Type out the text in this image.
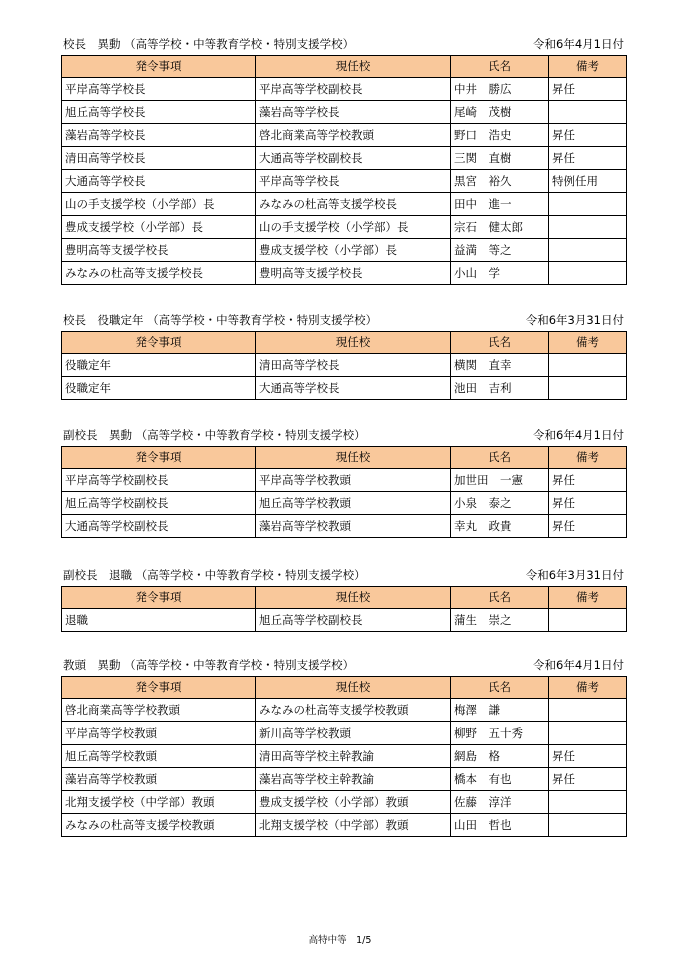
校長　異動 （高等学校・中等教育学校・特別支援学校）	令和6年4月1日付
発令事項	現任校	氏名	備考
平岸高等学校長	平岸高等学校副校長	中井　勝広	昇任
旭丘高等学校長	藻岩高等学校長	尾崎　茂樹	
藻岩高等学校長	啓北商業高等学校教頭	野口　浩史	昇任
清田高等学校長	大通高等学校副校長	三関　直樹	昇任
大通高等学校長	平岸高等学校長	黒宮　裕久	特例任用
山の手支援学校（小学部）長	みなみの杜高等支援学校長	田中　進一	
豊成支援学校（小学部）長	山の手支援学校（小学部）長	宗石　健太郎	
豊明高等支援学校長	豊成支援学校（小学部）長	益満　等之	
みなみの杜高等支援学校長	豊明高等支援学校長	小山　学	
校長　役職定年 （高等学校・中等教育学校・特別支援学校）	令和6年3月31日付
発令事項	現任校	氏名	備考
役職定年	清田高等学校長	横関　直幸	
役職定年	大通高等学校長	池田　吉利	
副校長　異動 （高等学校・中等教育学校・特別支援学校）	令和6年4月1日付
発令事項	現任校	氏名	備考
平岸高等学校副校長	平岸高等学校教頭	加世田　一憲	昇任
旭丘高等学校副校長	旭丘高等学校教頭	小泉　泰之	昇任
大通高等学校副校長	藻岩高等学校教頭	幸丸　政貴	昇任
副校長　退職 （高等学校・中等教育学校・特別支援学校）	令和6年3月31日付
発令事項	現任校	氏名	備考
退職	旭丘高等学校副校長	蒲生　崇之	
教頭　異動 （高等学校・中等教育学校・特別支援学校）	令和6年4月1日付
発令事項	現任校	氏名	備考
啓北商業高等学校教頭	みなみの杜高等支援学校教頭	梅澤　謙	
平岸高等学校教頭	新川高等学校教頭	柳野　五十秀	
旭丘高等学校教頭	清田高等学校主幹教諭	網島　格	昇任
藻岩高等学校教頭	藻岩高等学校主幹教諭	橋本　有也	昇任
北翔支援学校（中学部）教頭	豊成支援学校（小学部）教頭	佐藤　淳洋	
みなみの杜高等支援学校教頭	北翔支援学校（中学部）教頭	山田　哲也	
高特中等　1/5
